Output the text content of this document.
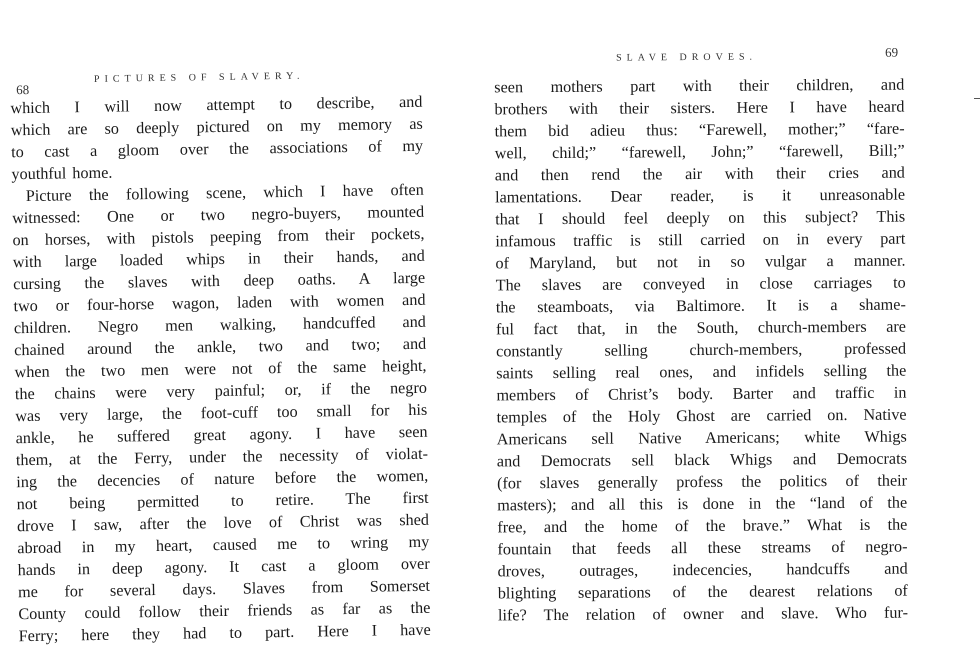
68
PICTURES OF SLAVERY.
which I will now attempt to describe, and
which are so deeply pictured on my memory as
to cast a gloom over the associations of my
youthful home.
Picture the following scene, which I have often
witnessed: One or two negro-buyers, mounted
on horses, with pistols peeping from their pockets,
with large loaded whips in their hands, and
cursing the slaves with deep oaths. A large
two or four-horse wagon, laden with women and
children. Negro men walking, handcuffed and
chained around the ankle, two and two; and
when the two men were not of the same height,
the chains were very painful; or, if the negro
was very large, the foot-cuff too small for his
ankle, he suffered great agony. I have seen
them, at the Ferry, under the necessity of violat-
ing the decencies of nature before the women,
not being permitted to retire. The first
drove I saw, after the love of Christ was shed
abroad in my heart, caused me to wring my
hands in deep agony. It cast a gloom over
me for several days. Slaves from Somerset
County could follow their friends as far as the
Ferry; here they had to part. Here I have
SLAVE DROVES.	69
seen mothers part with their children, and
brothers with their sisters. Here I have heard
them bid adieu thus: “Farewell, mother;” “fare-
well, child;” “farewell, John;” “farewell, Bill;”
and then rend the air with their cries and
lamentations. Dear reader, is it unreasonable
that I should feel deeply on this subject? This
infamous traffic is still carried on in every part
of Maryland, but not in so vulgar a manner.
The slaves are conveyed in close carriages to
the steamboats, via Baltimore. It is a shame-
ful fact that, in the South, church-members are
constantly selling church-members, professed
saints selling real ones, and infidels selling the
members of Christ’s body. Barter and traffic in
temples of the Holy Ghost are carried on. Native
Americans sell Native Americans; white Whigs
and Democrats sell black Whigs and Democrats
(for slaves generally profess the politics of their
masters); and all this is done in the “land of the
free, and the home of the brave.” What is the
fountain that feeds all these streams of negro-
droves, outrages, indecencies, handcuffs and
blighting separations of the dearest relations of
life? The relation of owner and slave. Who fur-
